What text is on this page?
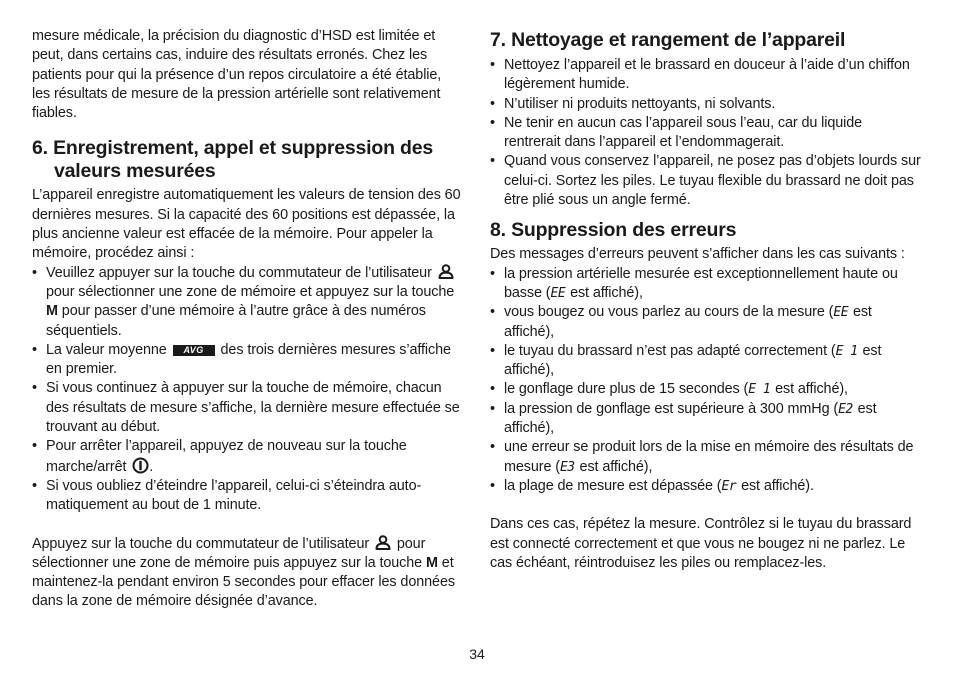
mesure médicale, la précision du diagnostic d’HSD est limitée et peut, dans certains cas, induire des résultats erronés. Chez les patients pour qui la présence d’un repos circulatoire a été établie, les résultats de mesure de la pression artérielle sont relativement fiables.

6. Enregistrement, appel et suppression des valeurs mesurées

L’appareil enregistre automatiquement les valeurs de tension des 60 dernières mesures. Si la capacité des 60 positions est dépassée, la plus ancienne valeur est effacée de la mémoire. Pour appeler la mémoire, procédez ainsi :

• Veuillez appuyer sur la touche du commutateur de l’utilisateur  pour sélectionner une zone de mémoire et appuyez sur la touche M pour passer d’une mémoire à l’autre grâce à des numéros séquentiels.
• La valeur moyenne AVG des trois dernières mesures s’affiche en premier.
• Si vous continuez à appuyer sur la touche de mémoire, chacun des résultats de mesure s’affiche, la dernière mesure effectuée se trouvant au début.
• Pour arrêter l’appareil, appuyez de nouveau sur la touche marche/arrêt .
• Si vous oubliez d’éteindre l’appareil, celui-ci s’éteindra automatiquement au bout de 1 minute.

Appuyez sur la touche du commutateur de l’utilisateur pour sélectionner une zone de mémoire puis appuyez sur la touche M et maintenez-la pendant environ 5 secondes pour effacer les données dans la zone de mémoire désignée d’avance.

7. Nettoyage et rangement de l’appareil
• Nettoyez l’appareil et le brassard en douceur à l’aide d’un chiffon légèrement humide.
• N’utiliser ni produits nettoyants, ni solvants.
• Ne tenir en aucun cas l’appareil sous l’eau, car du liquide rentrerait dans l’appareil et l’endommagerait.
• Quand vous conservez l’appareil, ne posez pas d’objets lourds sur celui-ci. Sortez les piles. Le tuyau flexible du brassard ne doit pas être plié sous un angle fermé.
8. Suppression des erreurs

Des messages d’erreurs peuvent s’afficher dans les cas suivants :

• la pression artérielle mesurée est exceptionnellement haute ou basse (EE est affiché),
• vous bougez ou vous parlez au cours de la mesure (EE est affiché),
• le tuyau du brassard n’est pas adapté correctement (E 1 est affiché),
• le gonflage dure plus de 15 secondes (E 1 est affiché),
• la pression de gonflage est supérieure à 300 mmHg (E2 est affiché),
• une erreur se produit lors de la mise en mémoire des résultats de mesure (E3 est affiché),
• la plage de mesure est dépassée (Er est affiché).

Dans ces cas, répétez la mesure. Contrôlez si le tuyau du brassard est connecté correctement et que vous ne bougez ni ne parlez. Le cas échéant, réintroduisez les piles ou remplacez-les.

34
